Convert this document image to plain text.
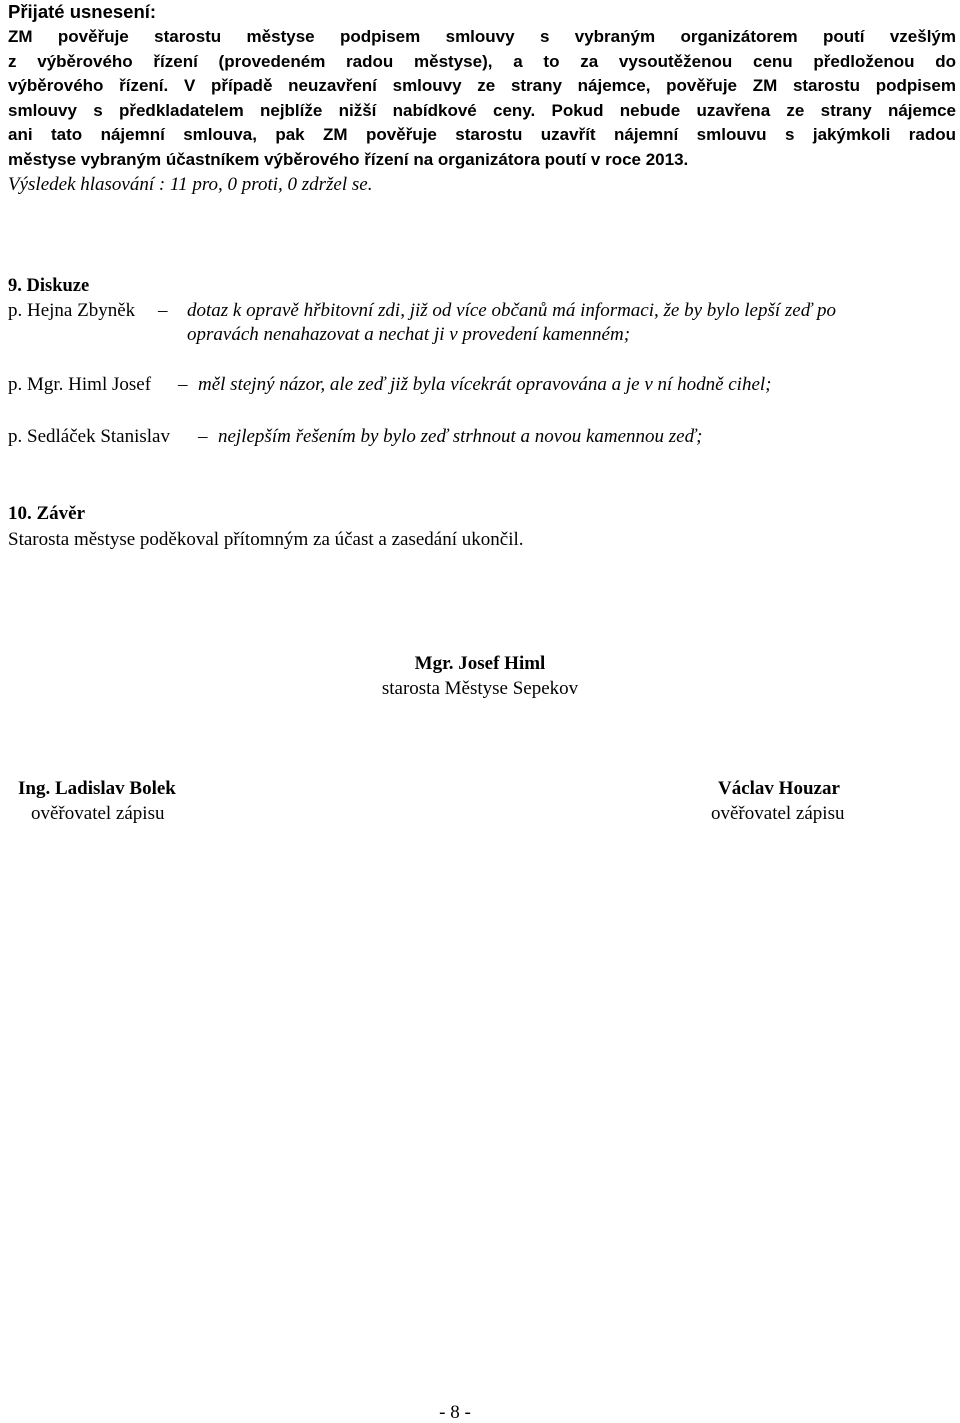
Přijaté usnesení:
ZM pověřuje starostu městyse podpisem smlouvy s vybraným organizátorem poutí vzešlým
z výběrového řízení (provedeném radou městyse), a to za vysoutěženou cenu předloženou do
výběrového řízení. V případě neuzavření smlouvy ze strany nájemce, pověřuje ZM starostu podpisem
smlouvy s předkladatelem nejblíže nižší nabídkové ceny. Pokud nebude uzavřena ze strany nájemce
ani tato nájemní smlouva, pak ZM pověřuje starostu uzavřít nájemní smlouvu s jakýmkoli radou
městyse vybraným účastníkem výběrového řízení na organizátora poutí v roce 2013.
Výsledek hlasování : 11 pro, 0 proti, 0 zdržel se.
9. Diskuze
p. Hejna Zbyněk – dotaz k opravě hřbitovní zdi, již od více občanů má informaci, že by bylo lepší zeď po
opravách nenahazovat a nechat ji v provedení kamenném;
p. Mgr. Himl Josef – měl stejný názor, ale zeď již byla vícekrát opravována a je v ní hodně cihel;
p. Sedláček Stanislav – nejlepším řešením by bylo zeď strhnout a novou kamennou zeď;
10. Závěr
Starosta městyse poděkoval přítomným za účast a zasedání ukončil.
Mgr. Josef Himl
starosta Městyse Sepekov
Ing. Ladislav Bolek
ověřovatel zápisu
Václav Houzar
ověřovatel zápisu
- 8 -
